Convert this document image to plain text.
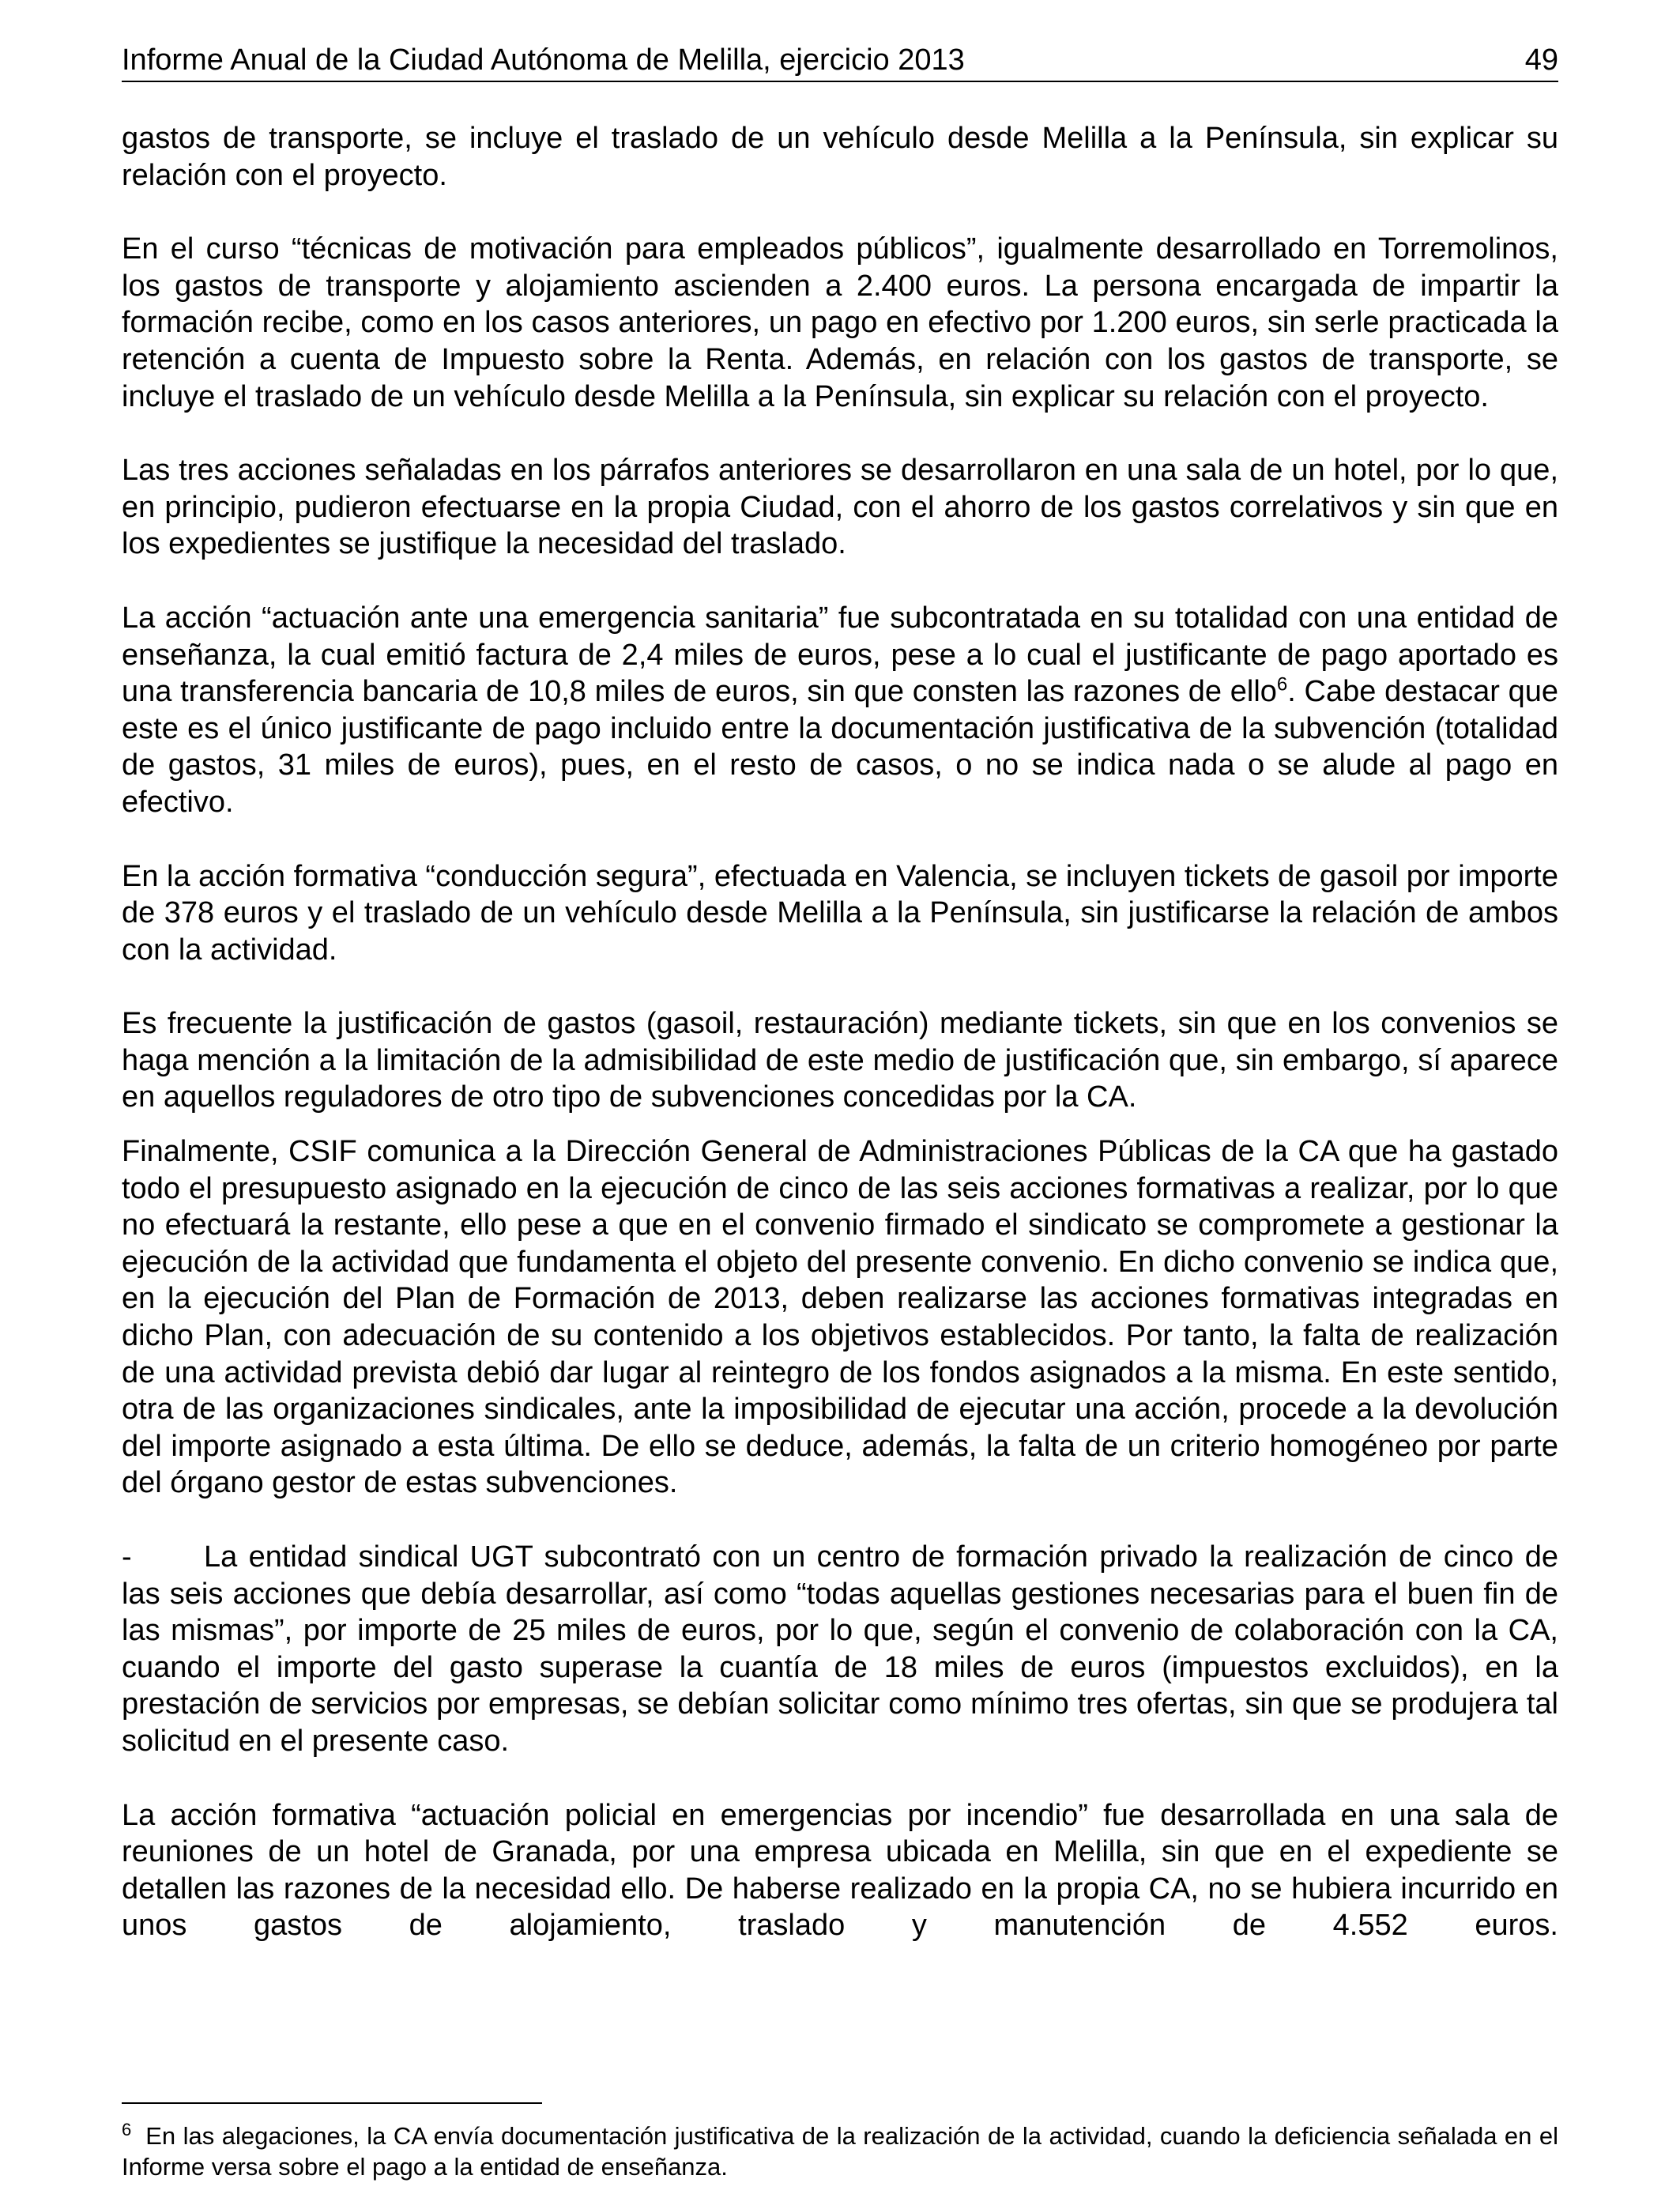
Informe Anual de la Ciudad Autónoma de Melilla, ejercicio 2013	49

gastos de transporte, se incluye el traslado de un vehículo desde Melilla a la Península, sin explicar su relación con el proyecto.

En el curso “técnicas de motivación para empleados públicos”, igualmente desarrollado en Torremolinos, los gastos de transporte y alojamiento ascienden a 2.400 euros. La persona encargada de impartir la formación recibe, como en los casos anteriores, un pago en efectivo por 1.200 euros, sin serle practicada la retención a cuenta de Impuesto sobre la Renta. Además, en relación con los gastos de transporte, se incluye el traslado de un vehículo desde Melilla a la Península, sin explicar su relación con el proyecto.

Las tres acciones señaladas en los párrafos anteriores se desarrollaron en una sala de un hotel, por lo que, en principio, pudieron efectuarse en la propia Ciudad, con el ahorro de los gastos correlativos y sin que en los expedientes se justifique la necesidad del traslado.

La acción “actuación ante una emergencia sanitaria” fue subcontratada en su totalidad con una entidad de enseñanza, la cual emitió factura de 2,4 miles de euros, pese a lo cual el justificante de pago aportado es una transferencia bancaria de 10,8 miles de euros, sin que consten las razones de ello$^6$. Cabe destacar que este es el único justificante de pago incluido entre la documentación justificativa de la subvención (totalidad de gastos, 31 miles de euros), pues, en el resto de casos, o no se indica nada o se alude al pago en efectivo.

En la acción formativa “conducción segura”, efectuada en Valencia, se incluyen tickets de gasoil por importe de 378 euros y el traslado de un vehículo desde Melilla a la Península, sin justificarse la relación de ambos con la actividad.

Es frecuente la justificación de gastos (gasoil, restauración) mediante tickets, sin que en los convenios se haga mención a la limitación de la admisibilidad de este medio de justificación que, sin embargo, sí aparece en aquellos reguladores de otro tipo de subvenciones concedidas por la CA.

Finalmente, CSIF comunica a la Dirección General de Administraciones Públicas de la CA que ha gastado todo el presupuesto asignado en la ejecución de cinco de las seis acciones formativas a realizar, por lo que no efectuará la restante, ello pese a que en el convenio firmado el sindicato se compromete a gestionar la ejecución de la actividad que fundamenta el objeto del presente convenio. En dicho convenio se indica que, en la ejecución del Plan de Formación de 2013, deben realizarse las acciones formativas integradas en dicho Plan, con adecuación de su contenido a los objetivos establecidos. Por tanto, la falta de realización de una actividad prevista debió dar lugar al reintegro de los fondos asignados a la misma. En este sentido, otra de las organizaciones sindicales, ante la imposibilidad de ejecutar una acción, procede a la devolución del importe asignado a esta última. De ello se deduce, además, la falta de un criterio homogéneo por parte del órgano gestor de estas subvenciones.

- La entidad sindical UGT subcontrató con un centro de formación privado la realización de cinco de las seis acciones que debía desarrollar, así como “todas aquellas gestiones necesarias para el buen fin de las mismas”, por importe de 25 miles de euros, por lo que, según el convenio de colaboración con la CA, cuando el importe del gasto superase la cuantía de 18 miles de euros (impuestos excluidos), en la prestación de servicios por empresas, se debían solicitar como mínimo tres ofertas, sin que se produjera tal solicitud en el presente caso.

La acción formativa “actuación policial en emergencias por incendio” fue desarrollada en una sala de reuniones de un hotel de Granada, por una empresa ubicada en Melilla, sin que en el expediente se detallen las razones de la necesidad ello. De haberse realizado en la propia CA, no se hubiera incurrido en unos gastos de alojamiento, traslado y manutención de 4.552 euros.

$^6$ En las alegaciones, la CA envía documentación justificativa de la realización de la actividad, cuando la deficiencia señalada en el Informe versa sobre el pago a la entidad de enseñanza.
